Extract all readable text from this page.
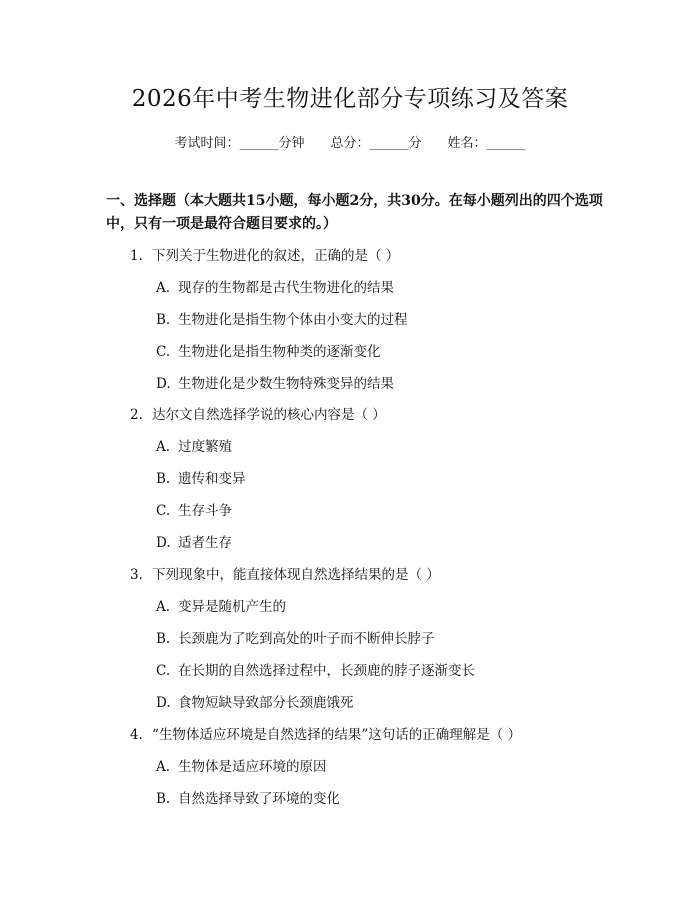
2026年中考生物进化部分专项练习及答案
考试时间：______分钟 总分：______分 姓名：______

一、选择题（本大题共15小题，每小题2分，共30分。在每小题列出的四个选项中，只有一项是最符合题目要求的。）

1. 下列关于生物进化的叙述，正确的是（ ）
A. 现存的生物都是古代生物进化的结果
B. 生物进化是指生物个体由小变大的过程
C. 生物进化是指生物种类的逐渐变化
D. 生物进化是少数生物特殊变异的结果
2. 达尔文自然选择学说的核心内容是（ ）
A. 过度繁殖
B. 遗传和变异
C. 生存斗争
D. 适者生存
3. 下列现象中，能直接体现自然选择结果的是（ ）
A. 变异是随机产生的
B. 长颈鹿为了吃到高处的叶子而不断伸长脖子
C. 在长期的自然选择过程中，长颈鹿的脖子逐渐变长
D. 食物短缺导致部分长颈鹿饿死
4. “生物体适应环境是自然选择的结果”这句话的正确理解是（ ）
A. 生物体是适应环境的原因
B. 自然选择导致了环境的变化
